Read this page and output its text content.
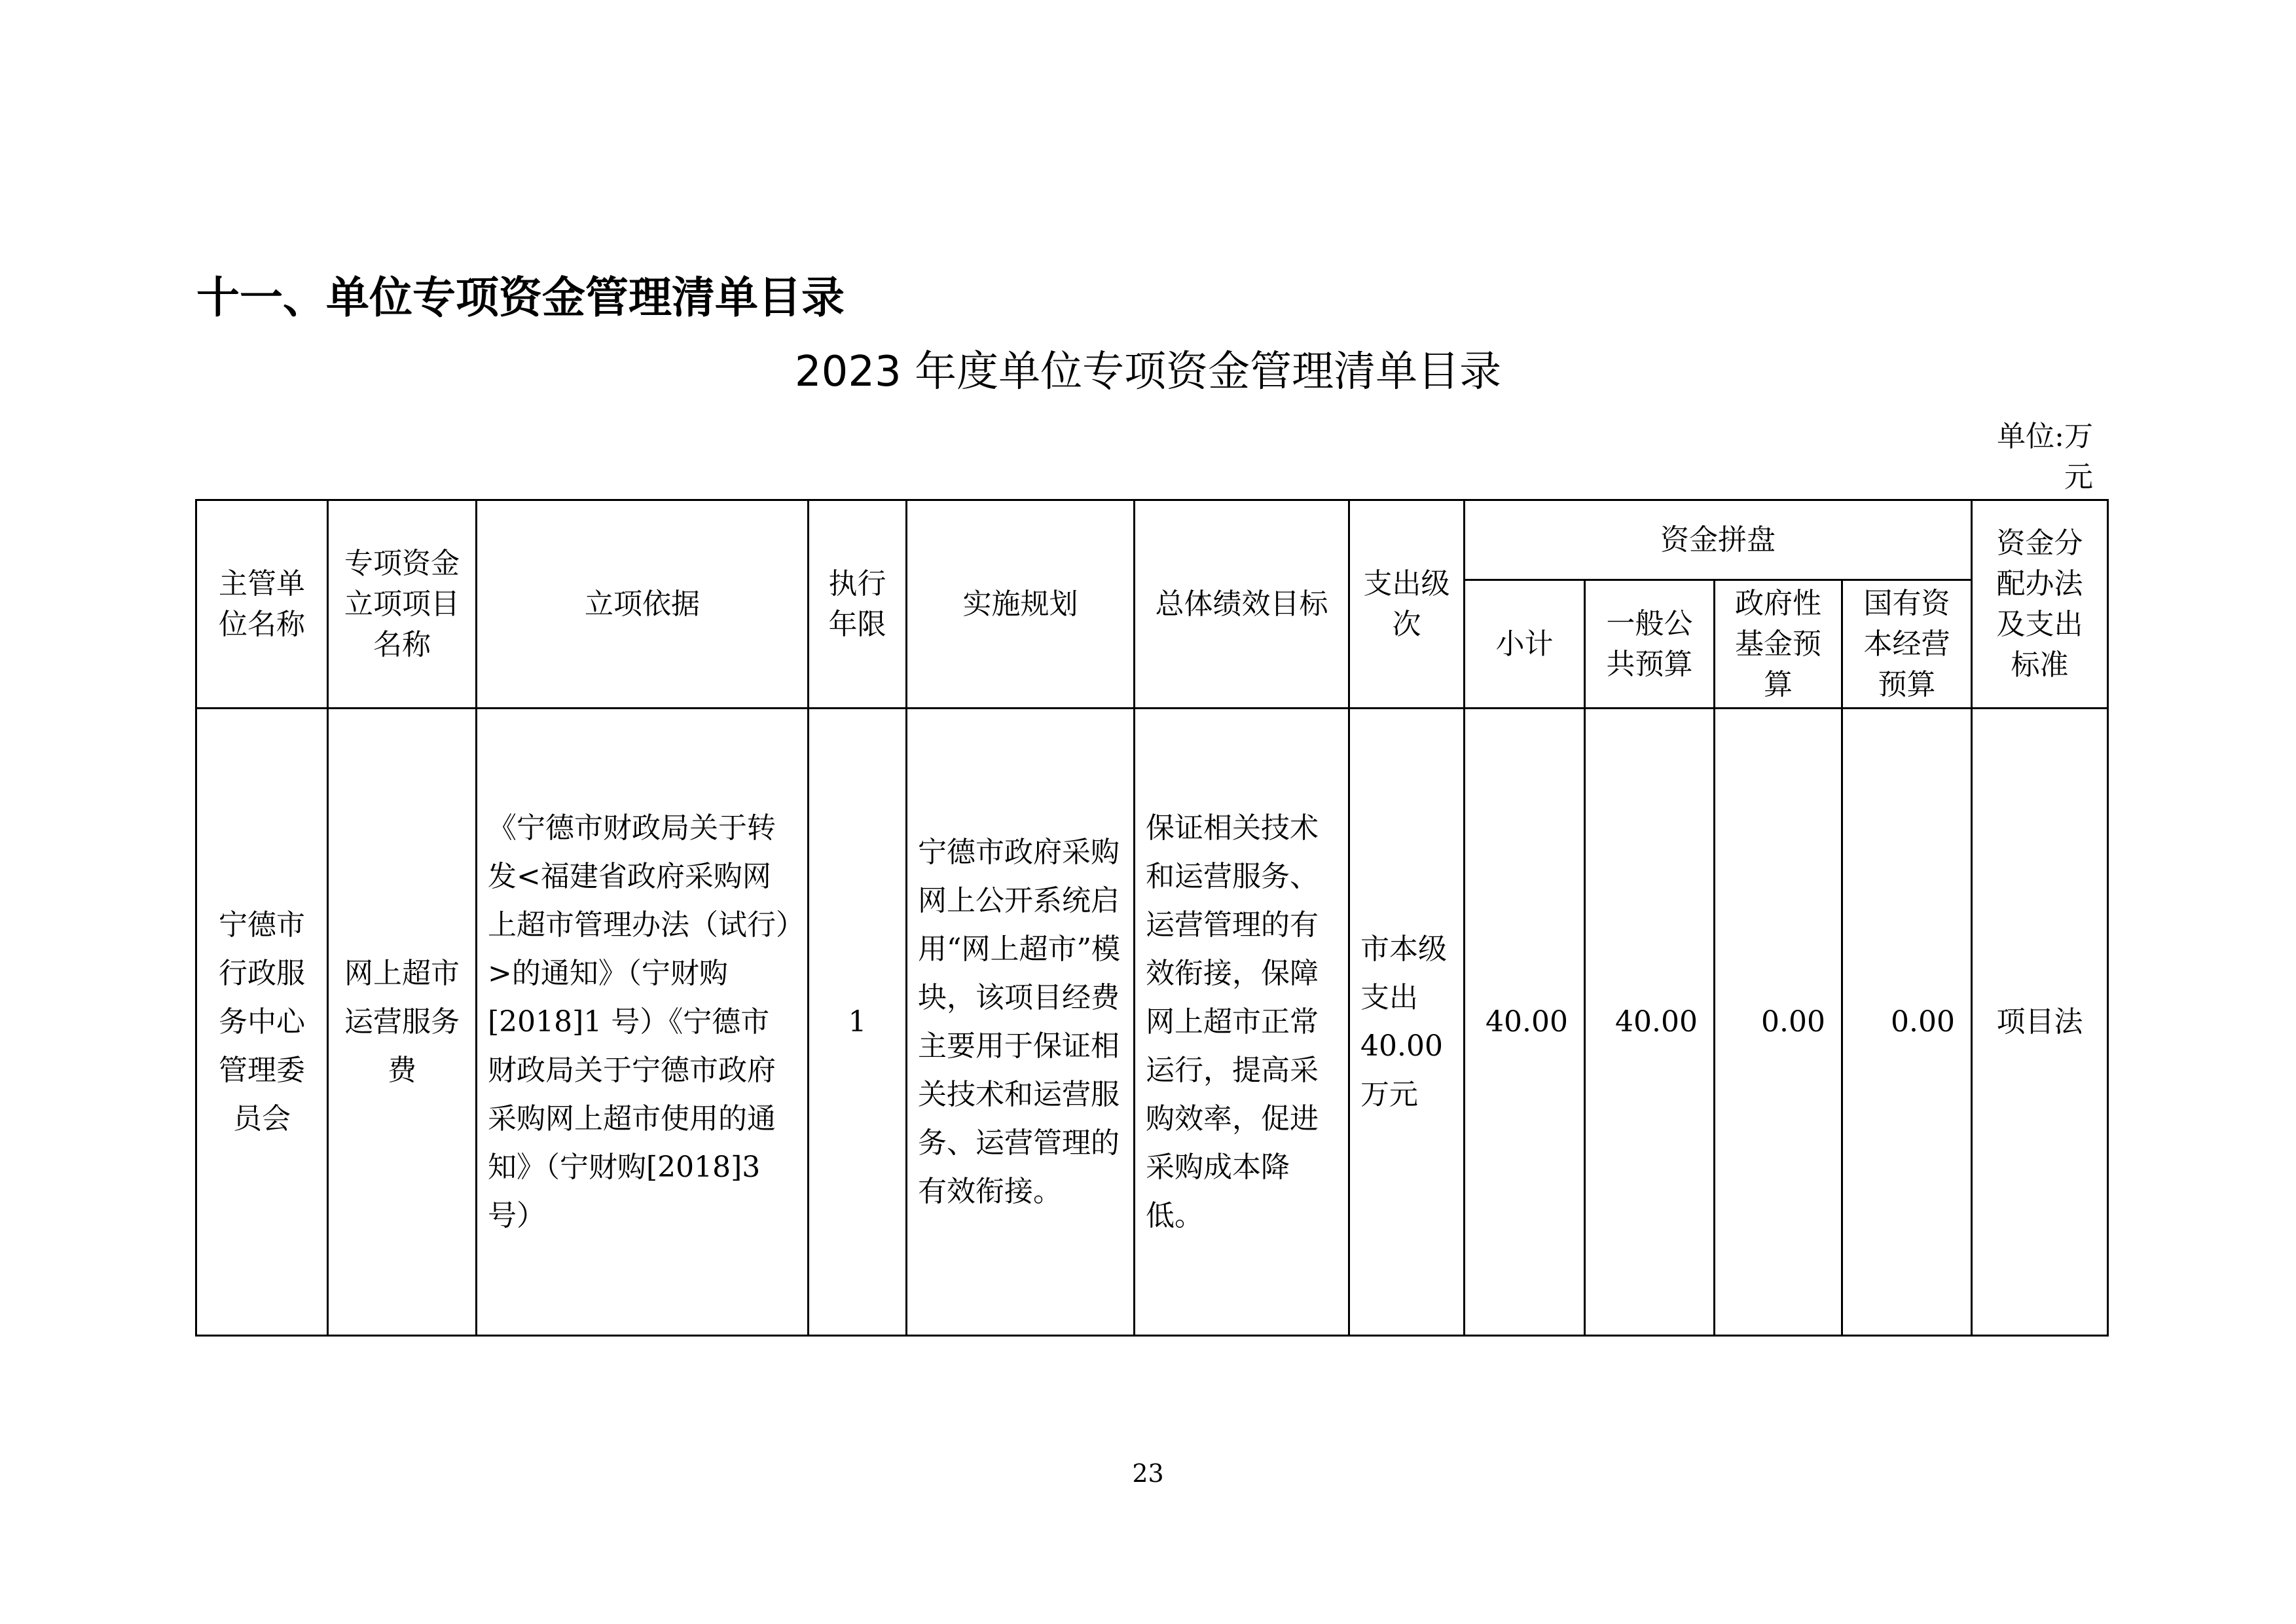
十一、单位专项资金管理清单目录
2023 年度单位专项资金管理清单目录
单位:万元
主管单位名称	专项资金立项项目名称	立项依据	执行年限	实施规划	总体绩效目标	支出级次	资金拼盘				资金分配办法及支出标准
							小计	一般公共预算	政府性基金预算	国有资本经营预算	
宁德市行政服务中心管理委员会	网上超市运营服务费	《宁德市财政局关于转发<福建省政府采购网上超市管理办法（试行）>的通知》（宁财购[2018]1 号）《宁德市财政局关于宁德市政府采购网上超市使用的通知》（宁财购[2018]3 号）	1	宁德市政府采购网上公开系统启用“网上超市”模块，该项目经费主要用于保证相关技术和运营服务、运营管理的有效衔接。	保证相关技术和运营服务、运营管理的有效衔接，保障网上超市正常运行，提高采购效率，促进采购成本降低。	市本级支出 40.00 万元	40.00	40.00	0.00	0.00	项目法
23
